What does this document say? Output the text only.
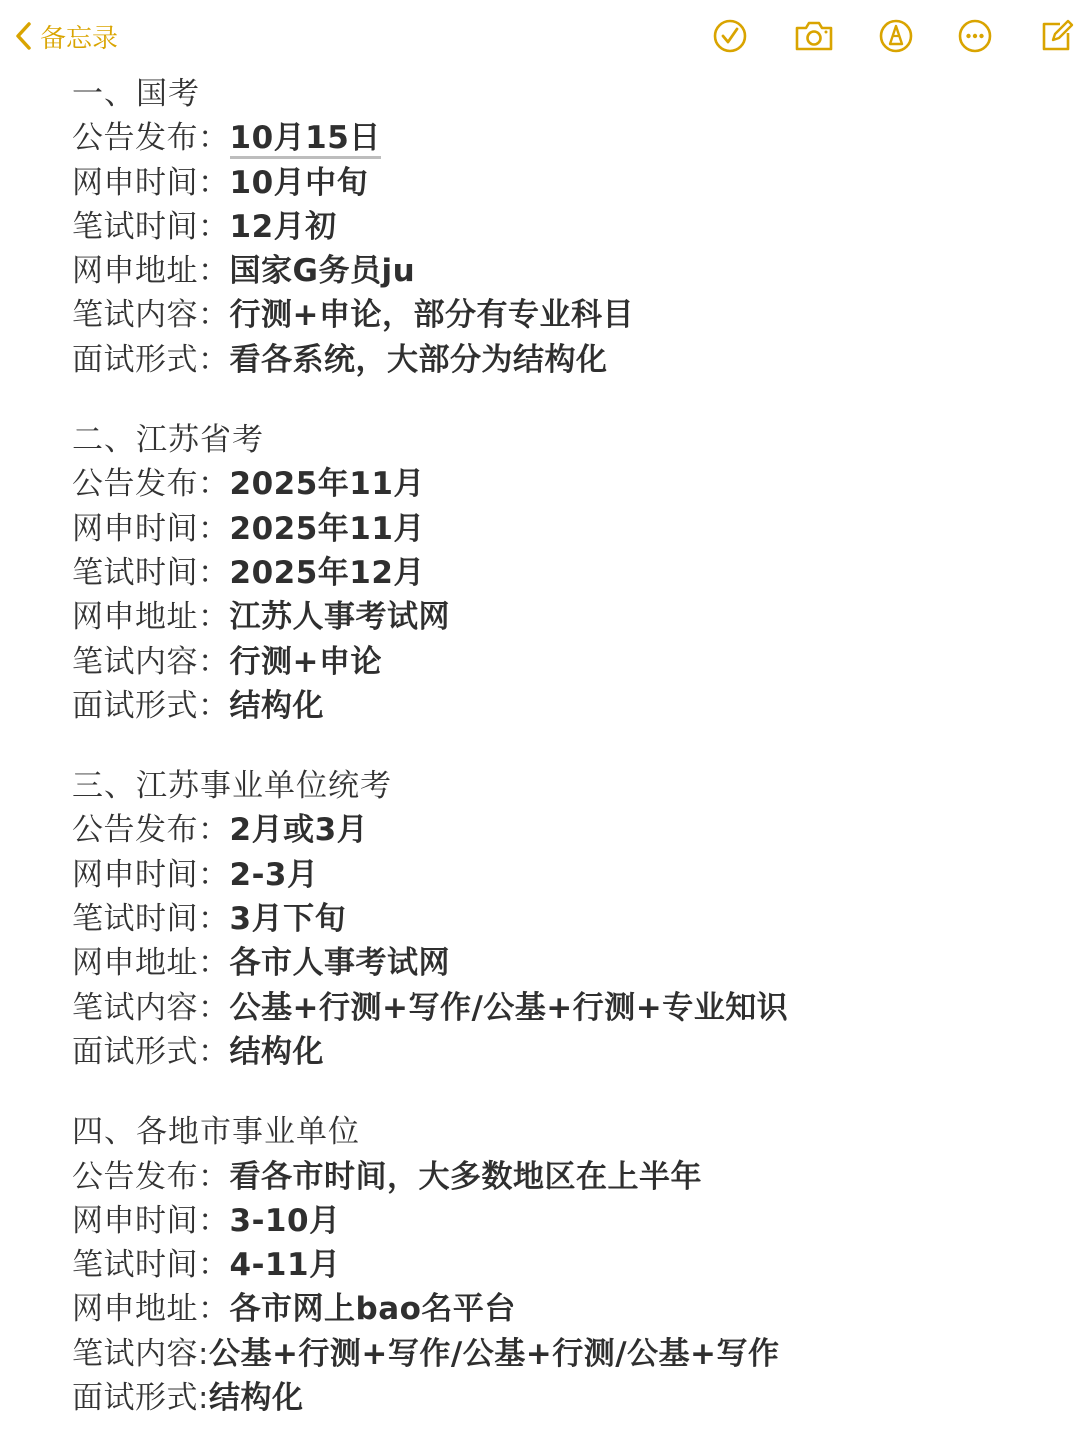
备忘录
一、国考
公告发布：10月15日
网申时间：10月中旬
笔试时间：12月初
网申地址：国家G务员ju
笔试内容：行测+申论，部分有专业科目
面试形式：看各系统，大部分为结构化
二、江苏省考
公告发布：2025年11月
网申时间：2025年11月
笔试时间：2025年12月
网申地址：江苏人事考试网
笔试内容：行测+申论
面试形式：结构化
三、江苏事业单位统考
公告发布：2月或3月
网申时间：2-3月
笔试时间：3月下旬
网申地址：各市人事考试网
笔试内容：公基+行测+写作/公基+行测+专业知识
面试形式：结构化
四、各地市事业单位
公告发布：看各市时间，大多数地区在上半年
网申时间：3-10月
笔试时间：4-11月
网申地址：各市网上bao名平台
笔试内容:公基+行测+写作/公基+行测/公基+写作
面试形式:结构化
